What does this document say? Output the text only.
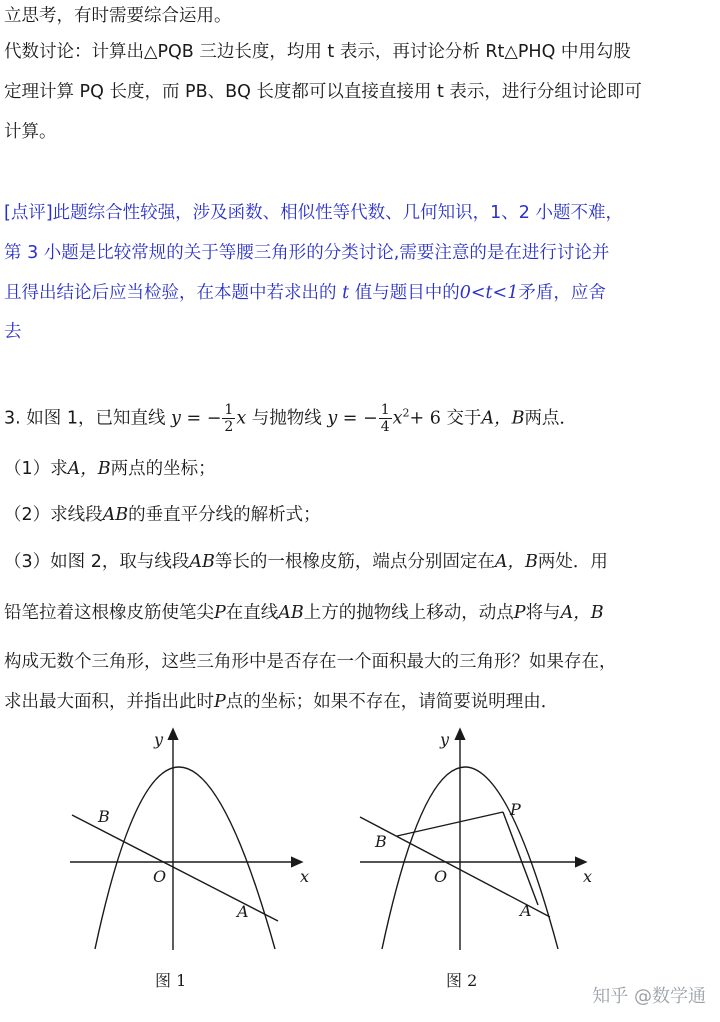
立思考，有时需要综合运用。
代数讨论：计算出△PQB 三边长度，均用 t 表示，再讨论分析 Rt△PHQ 中用勾股
定理计算 PQ 长度，而 PB、BQ 长度都可以直接直接用 t 表示，进行分组讨论即可
计算。
[点评]此题综合性较强，涉及函数、相似性等代数、几何知识，1、2 小题不难，
第 3 小题是比较常规的关于等腰三角形的分类讨论,需要注意的是在进行讨论并
且得出结论后应当检验，在本题中若求出的 t 值与题目中的0<t<1矛盾，应舍
去
3. 如图 1，已知直线 y = − $\frac{1}{2}$ x 与抛物线 y = − $\frac{1}{4} x^2+ 6$ 交于A，B两点．
（1）求A，B两点的坐标；
（2）求线段AB的垂直平分线的解析式；
（3）如图 2，取与线段AB等长的一根橡皮筋，端点分别固定在A，B两处．用
铅笔拉着这根橡皮筋使笔尖P在直线AB上方的抛物线上移动，动点P将与A，B
构成无数个三角形，这些三角形中是否存在一个面积最大的三角形？如果存在，
求出最大面积，并指出此时P点的坐标；如果不存在，请简要说明理由．
y
x
O
B
A
图 1
y
x
O
B
P
A
图 2
知乎 @数学通
